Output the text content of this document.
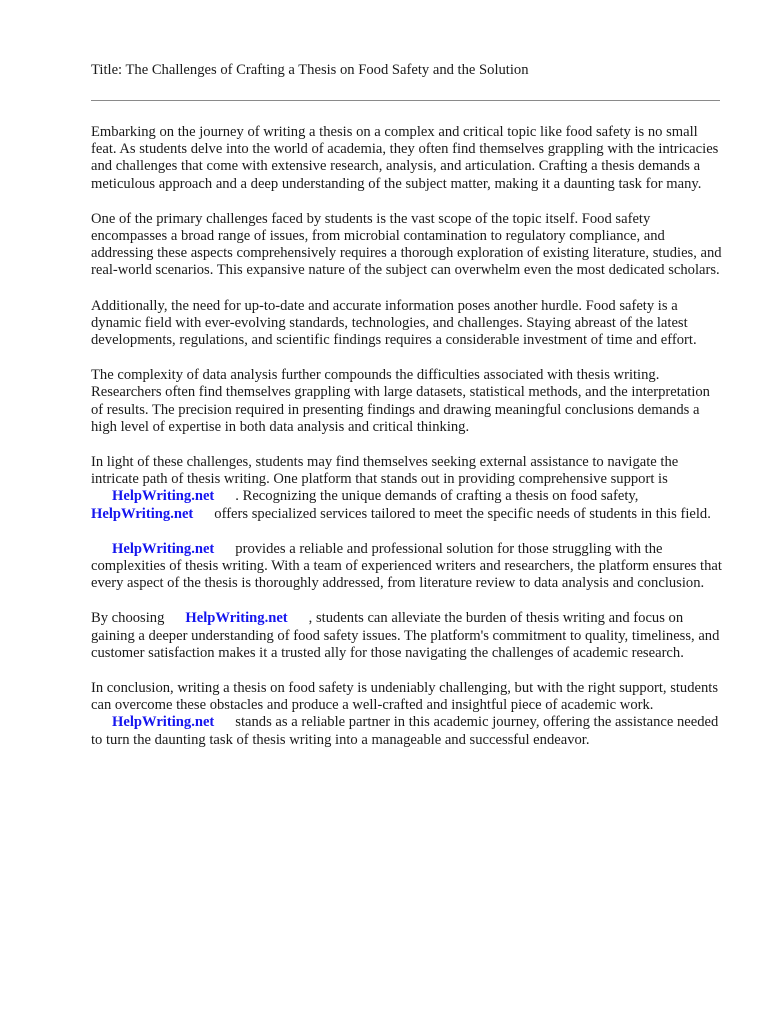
Title: The Challenges of Crafting a Thesis on Food Safety and the Solution

Embarking on the journey of writing a thesis on a complex and critical topic like food safety is no small feat. As students delve into the world of academia, they often find themselves grappling with the intricacies and challenges that come with extensive research, analysis, and articulation. Crafting a thesis demands a meticulous approach and a deep understanding of the subject matter, making it a daunting task for many.

One of the primary challenges faced by students is the vast scope of the topic itself. Food safety encompasses a broad range of issues, from microbial contamination to regulatory compliance, and addressing these aspects comprehensively requires a thorough exploration of existing literature, studies, and real-world scenarios. This expansive nature of the subject can overwhelm even the most dedicated scholars.

Additionally, the need for up-to-date and accurate information poses another hurdle. Food safety is a dynamic field with ever-evolving standards, technologies, and challenges. Staying abreast of the latest developments, regulations, and scientific findings requires a considerable investment of time and effort.

The complexity of data analysis further compounds the difficulties associated with thesis writing. Researchers often find themselves grappling with large datasets, statistical methods, and the interpretation of results. The precision required in presenting findings and drawing meaningful conclusions demands a high level of expertise in both data analysis and critical thinking.

In light of these challenges, students may find themselves seeking external assistance to navigate the intricate path of thesis writing. One platform that stands out in providing comprehensive support is
HelpWriting.net . Recognizing the unique demands of crafting a thesis on food safety,
HelpWriting.net offers specialized services tailored to meet the specific needs of students in this field.

HelpWriting.net provides a reliable and professional solution for those struggling with the complexities of thesis writing. With a team of experienced writers and researchers, the platform ensures that every aspect of the thesis is thoroughly addressed, from literature review to data analysis and conclusion.

By choosing HelpWriting.net , students can alleviate the burden of thesis writing and focus on gaining a deeper understanding of food safety issues. The platform's commitment to quality, timeliness, and customer satisfaction makes it a trusted ally for those navigating the challenges of academic research.

In conclusion, writing a thesis on food safety is undeniably challenging, but with the right support, students can overcome these obstacles and produce a well-crafted and insightful piece of academic work. HelpWriting.net stands as a reliable partner in this academic journey, offering the assistance needed to turn the daunting task of thesis writing into a manageable and successful endeavor.
